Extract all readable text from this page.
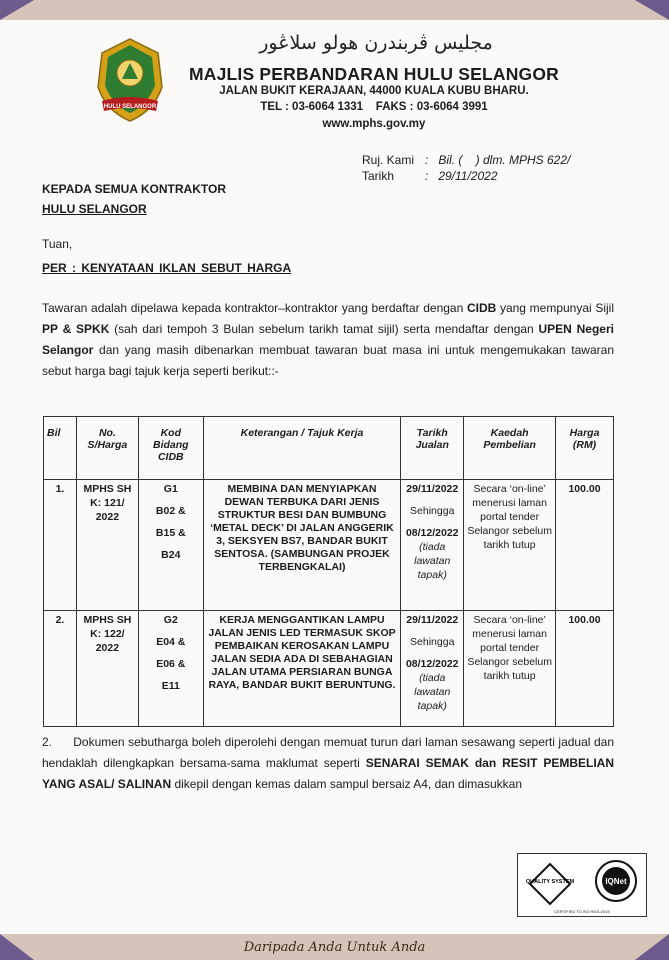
HULU SELANGOR
مجليس ڤربندرن هولو سلاڠور
MAJLIS PERBANDARAN HULU SELANGOR
JALAN BUKIT KERAJAAN, 44000 KUALA KUBU BHARU.
TEL : 03-6064 1331    FAKS : 03-6064 3991
www.mphs.gov.my
Ruj. Kami :   Bil. (    ) dlm. MPHS 622/
Tarikh	:   29/11/2022
KEPADA SEMUA KONTRAKTOR
HULU SELANGOR
Tuan,
PER : KENYATAAN IKLAN SEBUT HARGA
Tawaran adalah dipelawa kepada kontraktor–kontraktor yang berdaftar dengan CIDB yang mempunyai Sijil PP & SPKK (sah dari tempoh 3 Bulan sebelum tarikh tamat sijil) serta mendaftar dengan UPEN Negeri Selangor dan yang masih dibenarkan membuat tawaran buat masa ini untuk mengemukakan tawaran sebut harga bagi tajuk kerja seperti berikut::-
Bil	No. S/Harga	Kod Bidang CIDB	Keterangan / Tajuk Kerja	Tarikh Jualan	Kaedah Pembelian	Harga (RM)
1.	MPHS SH K: 121/ 2022	G1
B02 &
B15 &
B24	MEMBINA DAN MENYIAPKAN DEWAN TERBUKA DARI JENIS STRUKTUR BESI DAN BUMBUNG ‘METAL DECK’ DI JALAN ANGGERIK 3, SEKSYEN BS7, BANDAR BUKIT SENTOSA. (SAMBUNGAN PROJEK TERBENGKALAI)	29/11/2022
Sehingga
08/12/2022
(tiada lawatan tapak)	Secara ‘on-line’ menerusi laman portal tender Selangor sebelum tarikh tutup	100.00
2.	MPHS SH K: 122/ 2022	G2
E04 &
E06 &
E11	KERJA MENGGANTIKAN LAMPU JALAN JENIS LED TERMASUK SKOP PEMBAIKAN KEROSAKAN LAMPU JALAN SEDIA ADA DI SEBAHAGIAN JALAN UTAMA PERSIARAN BUNGA RAYA, BANDAR BUKIT BERUNTUNG.	29/11/2022
Sehingga
08/12/2022
(tiada lawatan tapak)	Secara ‘on-line’ menerusi laman portal tender Selangor sebelum tarikh tutup	100.00
2.      Dokumen sebutharga boleh diperolehi dengan memuat turun dari laman sesawang seperti jadual dan hendaklah dilengkapkan bersama-sama maklumat seperti SENARAI SEMAK dan RESIT PEMBELIAN YANG ASAL/ SALINAN dikepil dengan kemas dalam sampul bersaiz A4, dan dimasukkan
QUALITY SYSTEM	IQNet
CERTIFIED TO ISO 9001:2015
Daripada Anda Untuk Anda
